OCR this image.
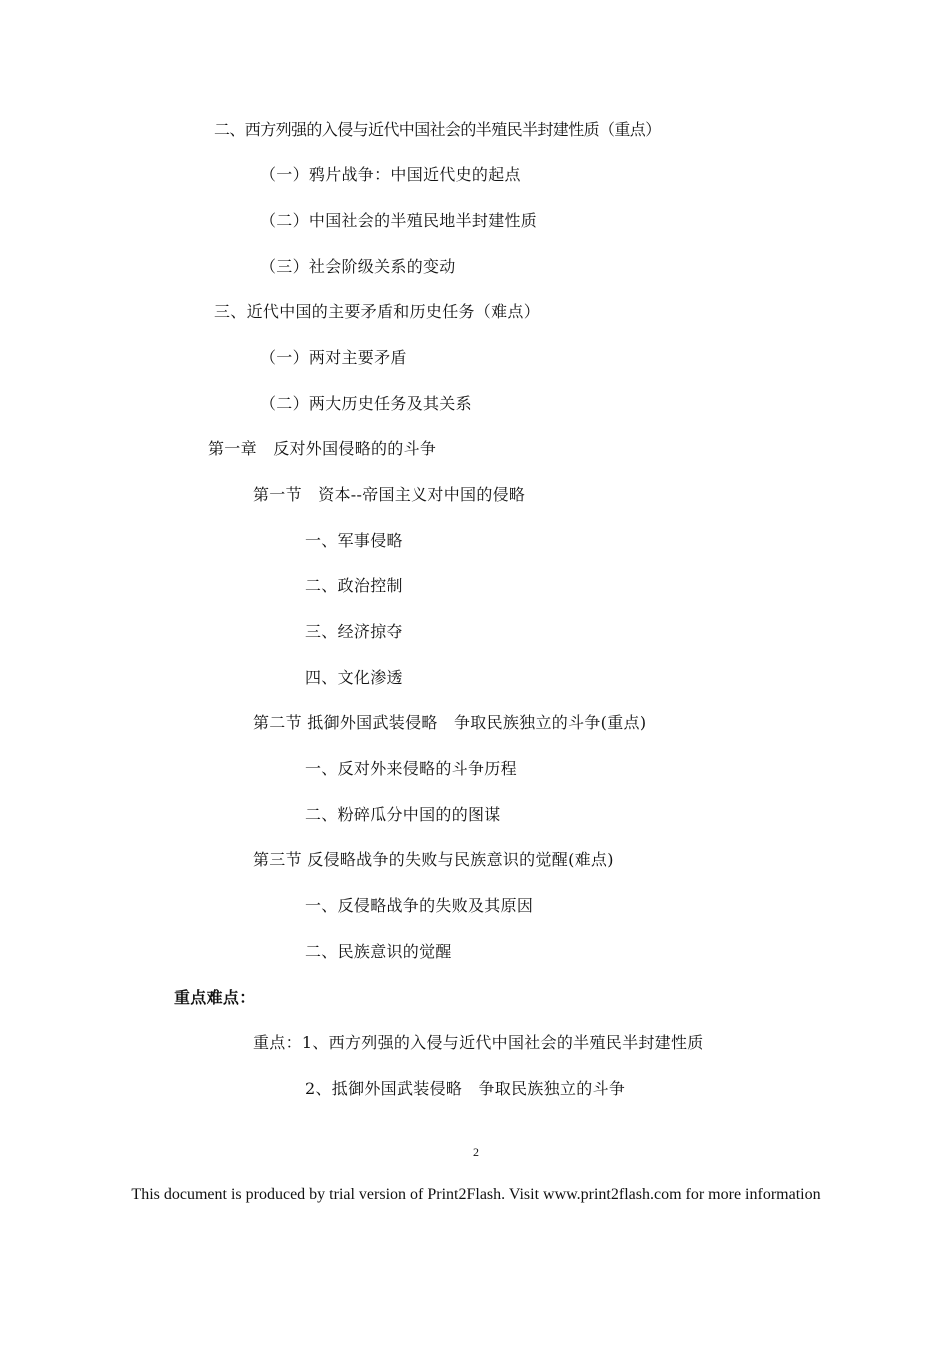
二、西方列强的入侵与近代中国社会的半殖民半封建性质（重点）
（一）鸦片战争：中国近代史的起点
（二）中国社会的半殖民地半封建性质
（三）社会阶级关系的变动
三、近代中国的主要矛盾和历史任务（难点）
（一）两对主要矛盾
（二）两大历史任务及其关系
第一章　反对外国侵略的的斗争
第一节　资本--帝国主义对中国的侵略
一、军事侵略
二、政治控制
三、经济掠夺
四、文化渗透
第二节 抵御外国武装侵略　争取民族独立的斗争(重点)
一、反对外来侵略的斗争历程
二、粉碎瓜分中国的的图谋
第三节 反侵略战争的失败与民族意识的觉醒(难点)
一、反侵略战争的失败及其原因
二、民族意识的觉醒
重点难点：
重点：1、西方列强的入侵与近代中国社会的半殖民半封建性质
2、抵御外国武装侵略　争取民族独立的斗争
2
This document is produced by trial version of Print2Flash. Visit www.print2flash.com for more information
